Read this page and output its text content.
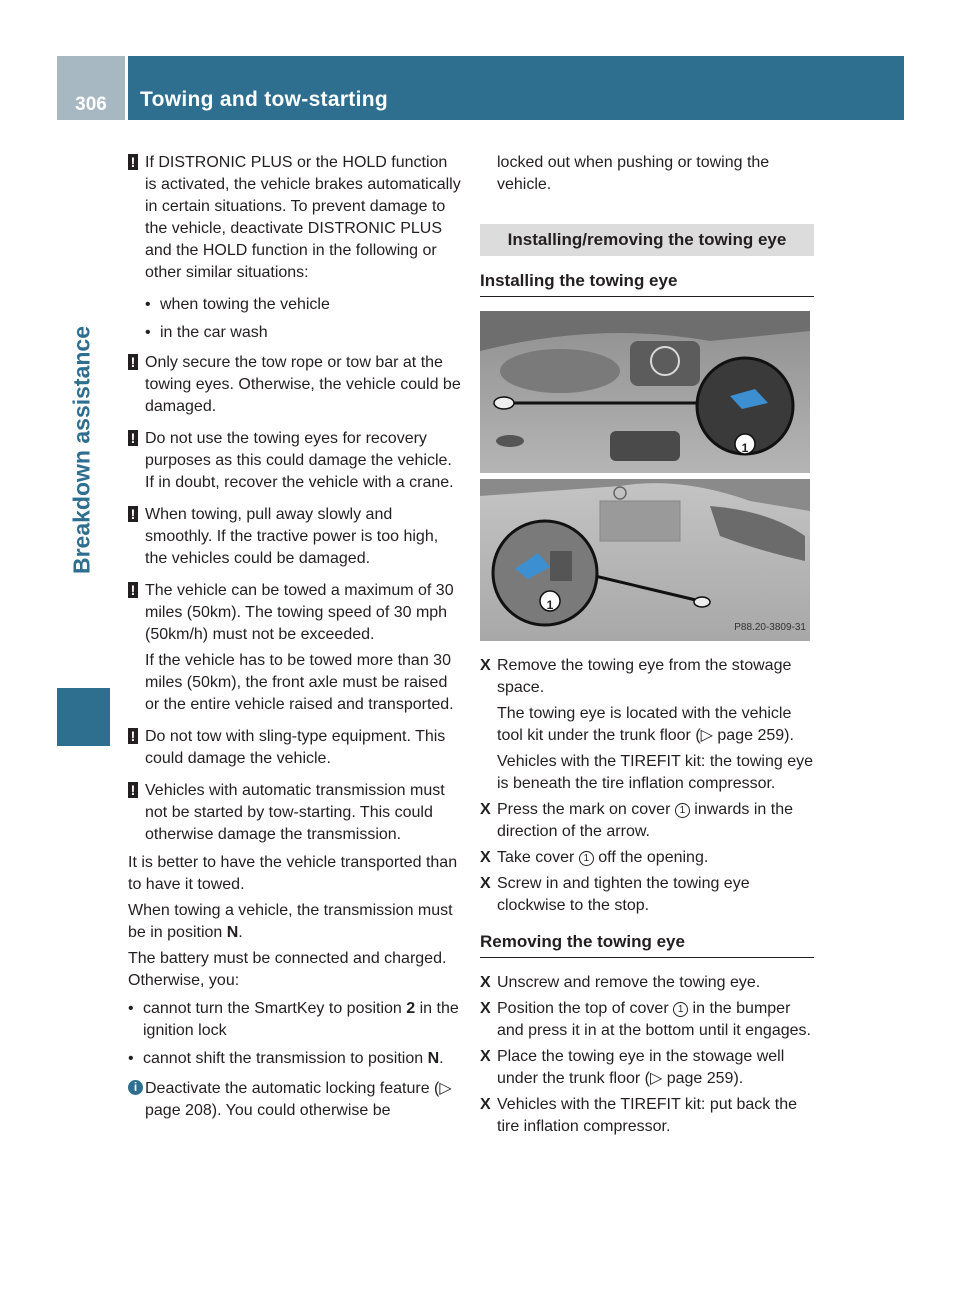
306	Towing and tow-starting
Breakdown assistance
! If DISTRONIC PLUS or the HOLD function is activated, the vehicle brakes automatically in certain situations. To prevent damage to the vehicle, deactivate DISTRONIC PLUS and the HOLD function in the following or other similar situations:
• when towing the vehicle
• in the car wash
! Only secure the tow rope or tow bar at the towing eyes. Otherwise, the vehicle could be damaged.
! Do not use the towing eyes for recovery purposes as this could damage the vehicle. If in doubt, recover the vehicle with a crane.
! When towing, pull away slowly and smoothly. If the tractive power is too high, the vehicles could be damaged.
! The vehicle can be towed a maximum of 30 miles (50km). The towing speed of 30 mph (50km/h) must not be exceeded.
If the vehicle has to be towed more than 30 miles (50km), the front axle must be raised or the entire vehicle raised and transported.
! Do not tow with sling-type equipment. This could damage the vehicle.
! Vehicles with automatic transmission must not be started by tow-starting. This could otherwise damage the transmission.
It is better to have the vehicle transported than to have it towed.
When towing a vehicle, the transmission must be in position N.
The battery must be connected and charged. Otherwise, you:
• cannot turn the SmartKey to position 2 in the ignition lock
• cannot shift the transmission to position N.
i Deactivate the automatic locking feature (▷ page 208). You could otherwise be
locked out when pushing or towing the vehicle.
Installing/removing the towing eye
Installing the towing eye
1
1
P88.20-3809-31
X Remove the towing eye from the stowage space.
The towing eye is located with the vehicle tool kit under the trunk floor (▷ page 259).
Vehicles with the TIREFIT kit: the towing eye is beneath the tire inflation compressor.
X Press the mark on cover 1 inwards in the direction of the arrow.
X Take cover 1 off the opening.
X Screw in and tighten the towing eye clockwise to the stop.
Removing the towing eye
X Unscrew and remove the towing eye.
X Position the top of cover 1 in the bumper and press it in at the bottom until it engages.
X Place the towing eye in the stowage well under the trunk floor (▷ page 259).
X Vehicles with the TIREFIT kit: put back the tire inflation compressor.
